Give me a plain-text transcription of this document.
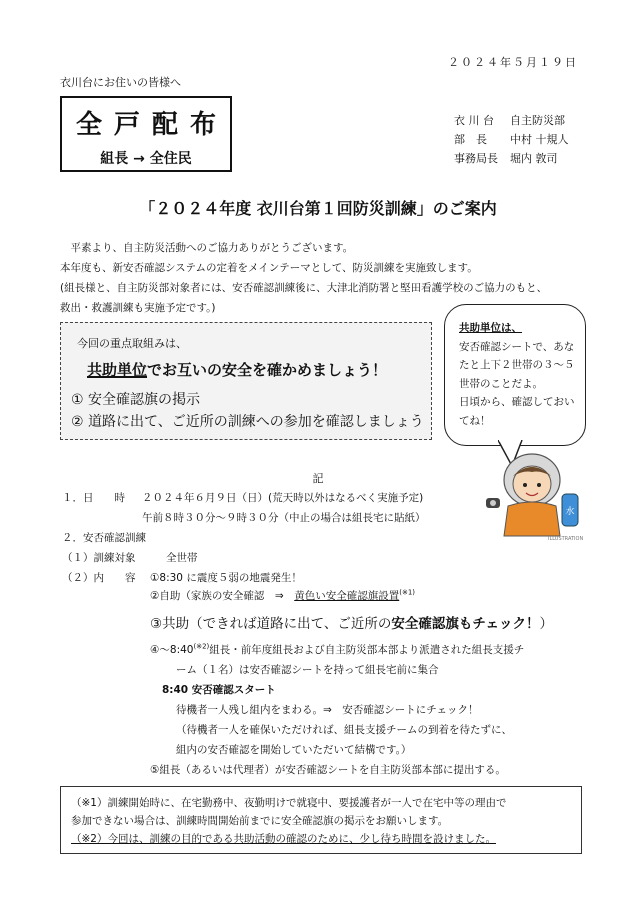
２０２４年５月１９日
衣川台にお住いの皆様へ
全戸配布
組長 → 全住民
衣 川 台 自主防災部
部　長 中村 十規人
事務局長 堀内 敦司
「２０２４年度 衣川台第１回防災訓練」のご案内
　平素より、自主防災活動へのご協力ありがとうございます。
本年度も、新安否確認システムの定着をメインテーマとして、防災訓練を実施致します。
(組長様と、自主防災部対象者には、安否確認訓練後に、大津北消防署と堅田看護学校のご協力のもと、
救出・救護訓練も実施予定です。)
今回の重点取組みは、
共助単位でお互いの安全を確かめましょう！
① 安全確認旗の掲示
② 道路に出て、ご近所の訓練への参加を確認しましょう
共助単位は、
安否確認シートで、あな
たと上下２世帯の３～５
世帯のことだよ。
日頃から、確認しておい
てね！
水
ILLUSTRATION
記
１．日　　時 ２０２４年６月９日（日）(荒天時以外はなるべく実施予定)
午前８時３０分～９時３０分（中止の場合は組長宅に貼紙）
２．安否確認訓練
（１）訓練対象	全世帯
（２）内　　容 ①8:30 に震度５弱の地震発生！
②自助（家族の安全確認　⇒　黄色い安全確認旗設置$^{(※1)}$
③共助（できれば道路に出て、ご近所の安全確認旗もチェック！）
$④\sim 8:40^{(※2)}$組長・前年度組長および自主防災部本部より派遣された組長支援チ
ーム（１名）は安否確認シートを持って組長宅前に集合
8:40 安否確認スタート
待機者一人残し組内をまわる。⇒　安否確認シートにチェック！
（待機者一人を確保いただければ、組長支援チームの到着を待たずに、
組内の安否確認を開始していただいて結構です。）
⑤組長（あるいは代理者）が安否確認シートを自主防災部本部に提出する。
（※1）訓練開始時に、在宅勤務中、夜勤明けで就寝中、要援護者が一人で在宅中等の理由で
参加できない場合は、訓練時間開始前までに安全確認旗の掲示をお願いします。
（※2）今回は、訓練の目的である共助活動の確認のために、少し待ち時間を設けました。
